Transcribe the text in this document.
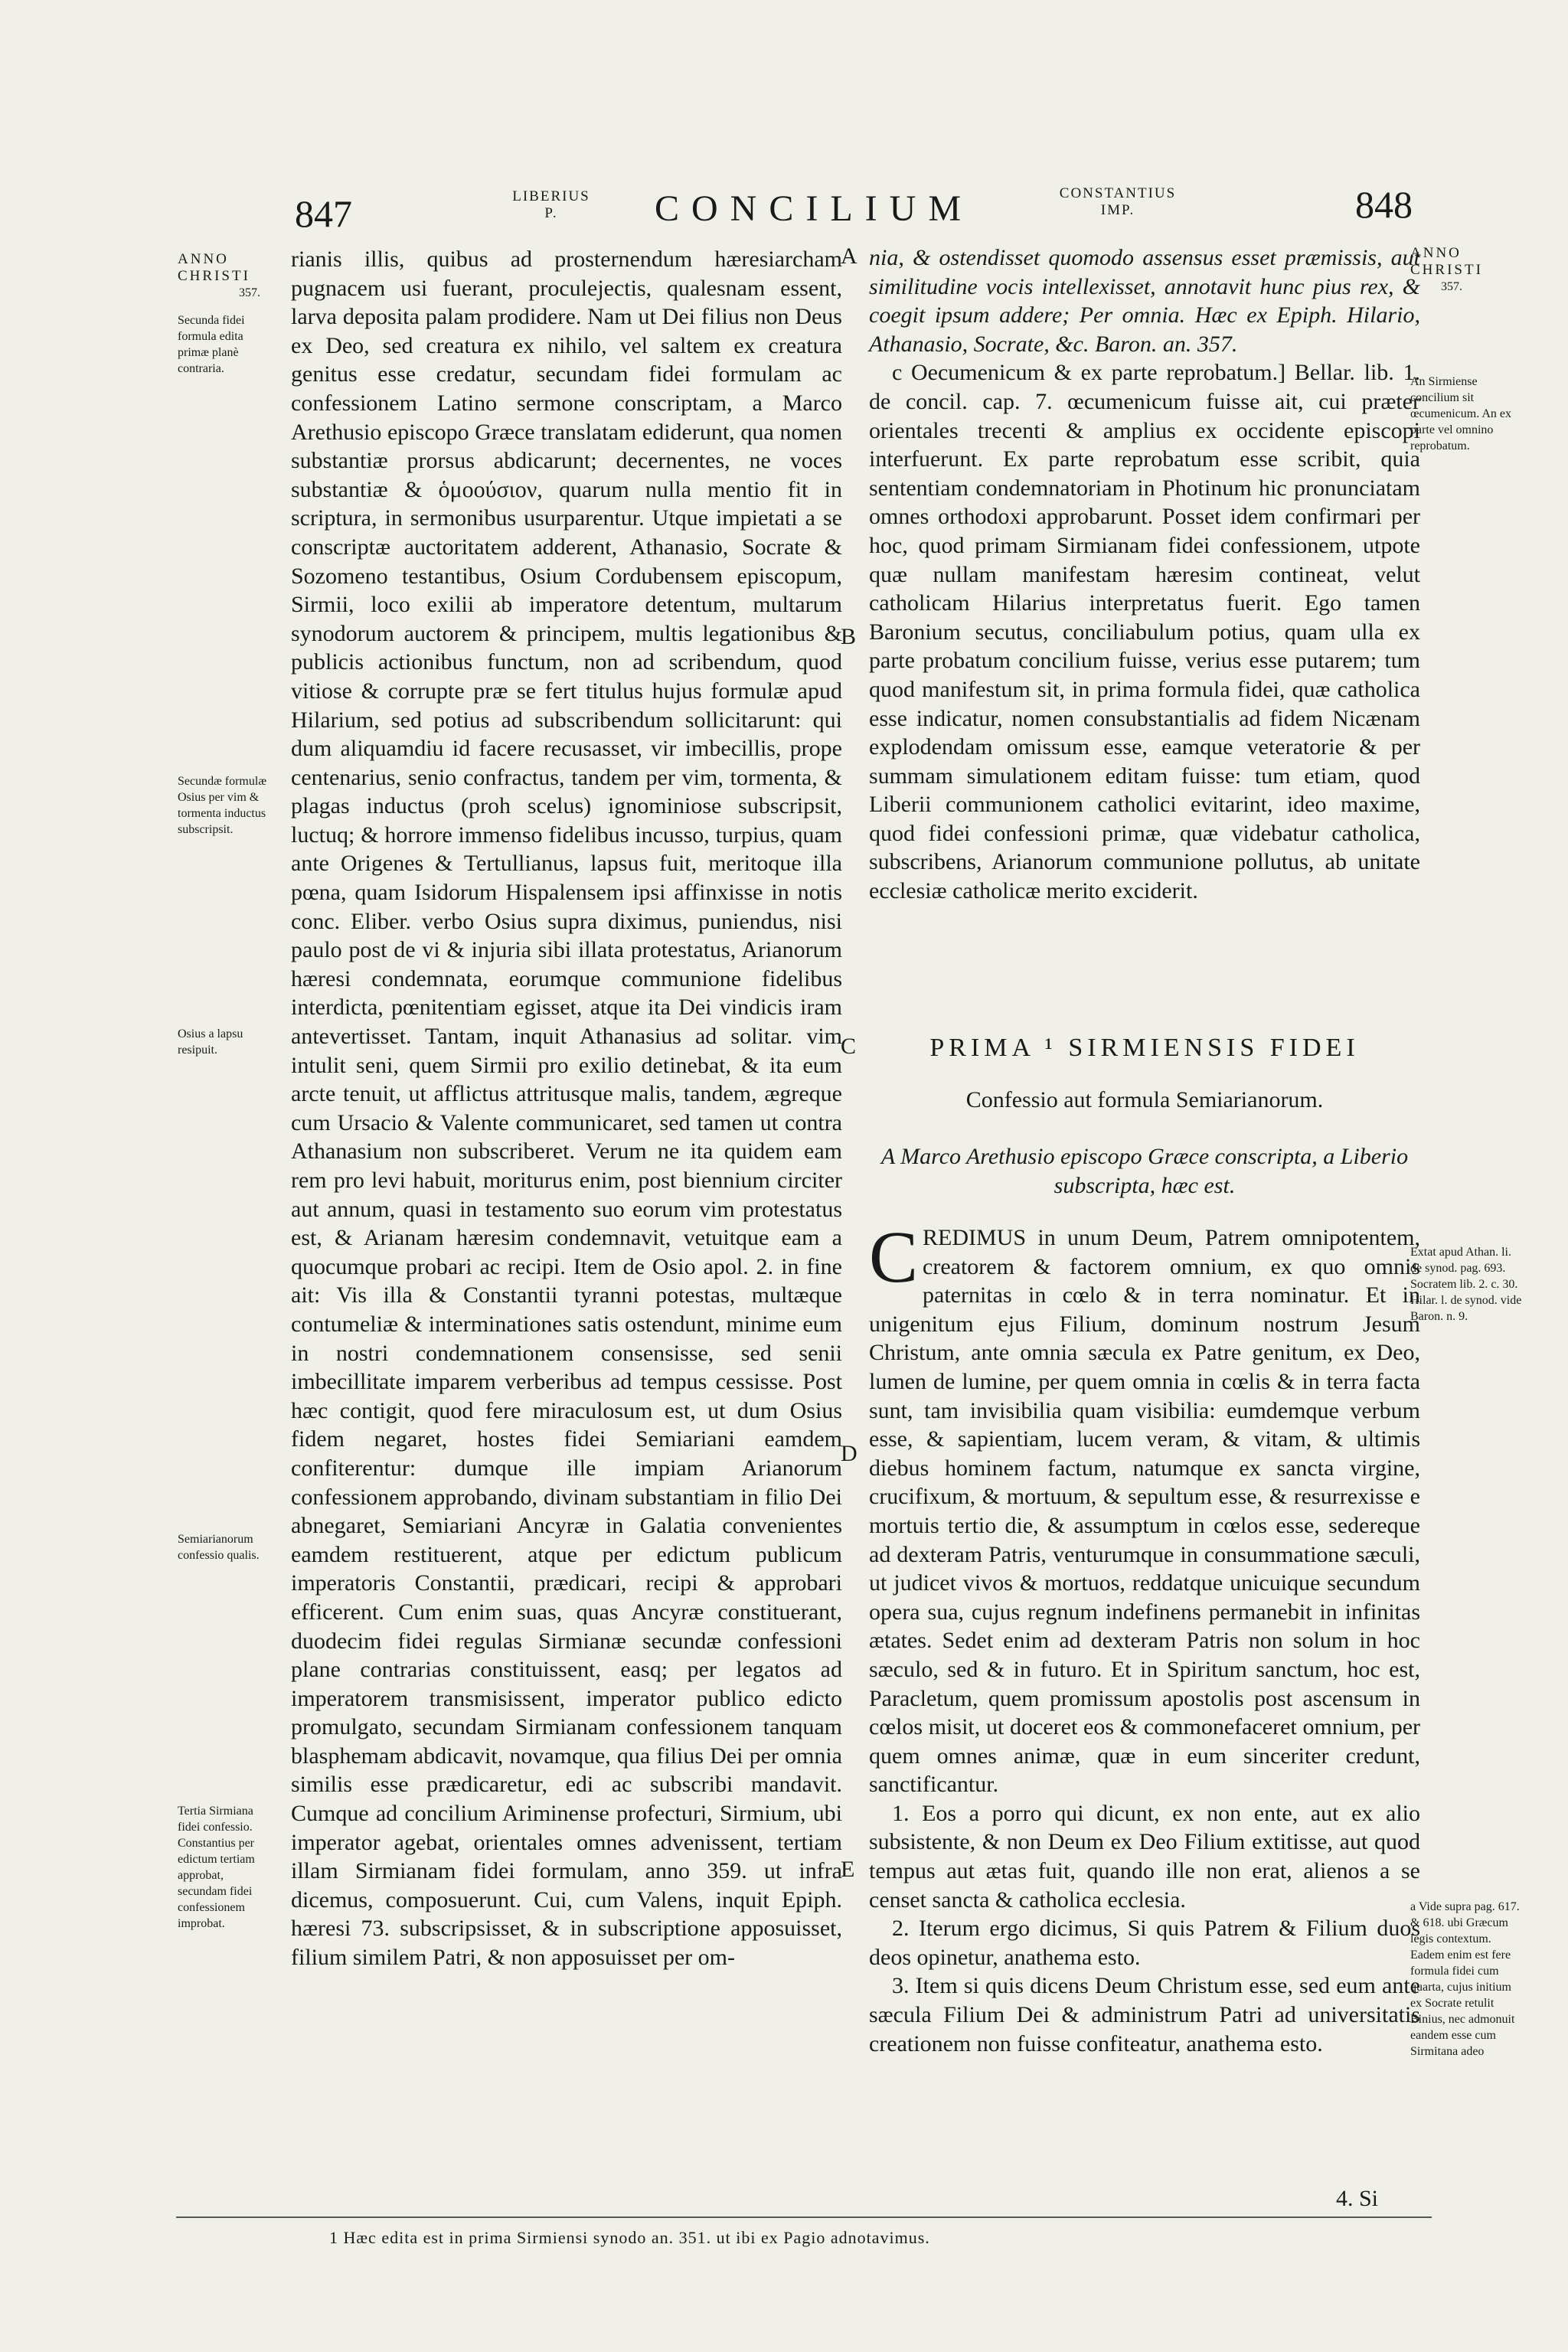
847	LIBERIUS
P.	CONCILIUM	CONSTANTIUS
IMP.	848
ANNO
CHRISTI
357.
Secunda fidei formula edita primæ planè contraria.
Secundæ formulæ Osius per vim & tormenta inductus subscripsit.
Osius a lapsu resipuit.
Semiarianorum confessio qualis.
Tertia Sirmiana fidei confessio. Constantius per edictum tertiam approbat, secundam fidei confessionem improbat.

rianis illis, quibus ad prosternendum hæresiarcham pugnacem usi fuerant, proculejectis, qualesnam essent, larva deposita palam prodidere. Nam ut Dei filius non Deus ex Deo, sed creatura ex nihilo, vel saltem ex creatura genitus esse credatur, secundam fidei formulam ac confessionem Latino sermone conscriptam, a Marco Arethusio episcopo Græce translatam ediderunt, qua nomen substantiæ prorsus abdicarunt; decernentes, ne voces substantiæ & ὁμοούσιον, quarum nulla mentio fit in scriptura, in sermonibus usurparentur. Utque impietati a se conscriptæ auctoritatem adderent, Athanasio, Socrate & Sozomeno testantibus, Osium Cordubensem episcopum, Sirmii, loco exilii ab imperatore detentum, multarum synodorum auctorem & principem, multis legationibus & publicis actionibus functum, non ad scribendum, quod vitiose & corrupte præ se fert titulus hujus formulæ apud Hilarium, sed potius ad subscribendum sollicitarunt: qui dum aliquamdiu id facere recusasset, vir imbecillis, prope centenarius, senio confractus, tandem per vim, tormenta, & plagas inductus (proh scelus) ignominiose subscripsit, luctuq; & horrore immenso fidelibus incusso, turpius, quam ante Origenes & Tertullianus, lapsus fuit, meritoque illa pœna, quam Isidorum Hispalensem ipsi affinxisse in notis conc. Eliber. verbo Osius supra diximus, puniendus, nisi paulo post de vi & injuria sibi illata protestatus, Arianorum hæresi condemnata, eorumque communione fidelibus interdicta, pœnitentiam egisset, atque ita Dei vindicis iram antevertisset. Tantam, inquit Athanasius ad solitar. vim intulit seni, quem Sirmii pro exilio detinebat, & ita eum arcte tenuit, ut afflictus attritusque malis, tandem, ægreque cum Ursacio & Valente communicaret, sed tamen ut contra Athanasium non subscriberet. Verum ne ita quidem eam rem pro levi habuit, moriturus enim, post biennium circiter aut annum, quasi in testamento suo eorum vim protestatus est, & Arianam hæresim condemnavit, vetuitque eam a quocumque probari ac recipi. Item de Osio apol. 2. in fine ait: Vis illa & Constantii tyranni potestas, multæque contumeliæ & interminationes satis ostendunt, minime eum in nostri condemnationem consensisse, sed senii imbecillitate imparem verberibus ad tempus cessisse. Post hæc contigit, quod fere miraculosum est, ut dum Osius fidem negaret, hostes fidei Semiariani eamdem confiterentur: dumque ille impiam Arianorum confessionem approbando, divinam substantiam in filio Dei abnegaret, Semiariani Ancyræ in Galatia convenientes eamdem restituerent, atque per edictum publicum imperatoris Constantii, prædicari, recipi & approbari efficerent. Cum enim suas, quas Ancyræ constituerant, duodecim fidei regulas Sirmianæ secundæ confessioni plane contrarias constituissent, easq; per legatos ad imperatorem transmisissent, imperator publico edicto promulgato, secundam Sirmianam confessionem tanquam blasphemam abdicavit, novamque, qua filius Dei per omnia similis esse prædicaretur, edi ac subscribi mandavit. Cumque ad concilium Ariminense profecturi, Sirmium, ubi imperator agebat, orientales omnes advenissent, tertiam illam Sirmianam fidei formulam, anno 359. ut infra dicemus, composuerunt. Cui, cum Valens, inquit Epiph. hæresi 73. subscripsisset, & in subscriptione apposuisset, filium similem Patri, & non apposuisset per om-

A
B
C
D
E

nia, & ostendisset quomodo assensus esset præmissis, aut similitudine vocis intellexisset, annotavit hunc pius rex, & coegit ipsum addere; Per omnia. Hæc ex Epiph. Hilario, Athanasio, Socrate, &c. Baron. an. 357.

c Oecumenicum & ex parte reprobatum.] Bellar. lib. 1. de concil. cap. 7. œcumenicum fuisse ait, cui præter orientales trecenti & amplius ex occidente episcopi interfuerunt. Ex parte reprobatum esse scribit, quia sententiam condemnatoriam in Photinum hic pronunciatam omnes orthodoxi approbarunt. Posset idem confirmari per hoc, quod primam Sirmianam fidei confessionem, utpote quæ nullam manifestam hæresim contineat, velut catholicam Hilarius interpretatus fuerit. Ego tamen Baronium secutus, conciliabulum potius, quam ulla ex parte probatum concilium fuisse, verius esse putarem; tum quod manifestum sit, in prima formula fidei, quæ catholica esse indicatur, nomen consubstantialis ad fidem Nicænam explodendam omissum esse, eamque veteratorie & per summam simulationem editam fuisse: tum etiam, quod Liberii communionem catholici evitarint, ideo maxime, quod fidei confessioni primæ, quæ videbatur catholica, subscribens, Arianorum communione pollutus, ab unitate ecclesiæ catholicæ merito exciderit.

PRIMA ¹ SIRMIENSIS FIDEI
Confessio aut formula Semiarianorum.
A Marco Arethusio episcopo Græce conscripta, a Liberio subscripta, hæc est.

CREDIMUS in unum Deum, Patrem omnipotentem, creatorem & factorem omnium, ex quo omnis paternitas in cœlo & in terra nominatur. Et in unigenitum ejus Filium, dominum nostrum Jesum Christum, ante omnia sæcula ex Patre genitum, ex Deo, lumen de lumine, per quem omnia in cœlis & in terra facta sunt, tam invisibilia quam visibilia: eumdemque verbum esse, & sapientiam, lucem veram, & vitam, & ultimis diebus hominem factum, natumque ex sancta virgine, crucifixum, & mortuum, & sepultum esse, & resurrexisse e mortuis tertio die, & assumptum in cœlos esse, sedereque ad dexteram Patris, venturumque in consummatione sæculi, ut judicet vivos & mortuos, reddatque unicuique secundum opera sua, cujus regnum indefinens permanebit in infinitas ætates. Sedet enim ad dexteram Patris non solum in hoc sæculo, sed & in futuro. Et in Spiritum sanctum, hoc est, Paracletum, quem promissum apostolis post ascensum in cœlos misit, ut doceret eos & commonefaceret omnium, per quem omnes animæ, quæ in eum sinceriter credunt, sanctificantur.

1. Eos a porro qui dicunt, ex non ente, aut ex alio subsistente, & non Deum ex Deo Filium extitisse, aut quod tempus aut ætas fuit, quando ille non erat, alienos a se censet sancta & catholica ecclesia.

2. Iterum ergo dicimus, Si quis Patrem & Filium duos deos opinetur, anathema esto.

3. Item si quis dicens Deum Christum esse, sed eum ante sæcula Filium Dei & administrum Patri ad universitatis creationem non fuisse confiteatur, anathema esto.

ANNO
CHRISTI
357.
An Sirmiense concilium sit œcumenicum. An ex parte vel omnino reprobatum.
Extat apud Athan. li. de synod. pag. 693. Socratem lib. 2. c. 30. Hilar. l. de synod. vide Baron. n. 9.
a Vide supra pag. 617. & 618. ubi Græcum legis contextum. Eadem enim est fere formula fidei cum quarta, cujus initium ex Socrate retulit Binius, nec admonuit eandem esse cum Sirmitana adeo
4. Si
1 Hæc edita est in prima Sirmiensi synodo an. 351. ut ibi ex Pagio adnotavimus.
